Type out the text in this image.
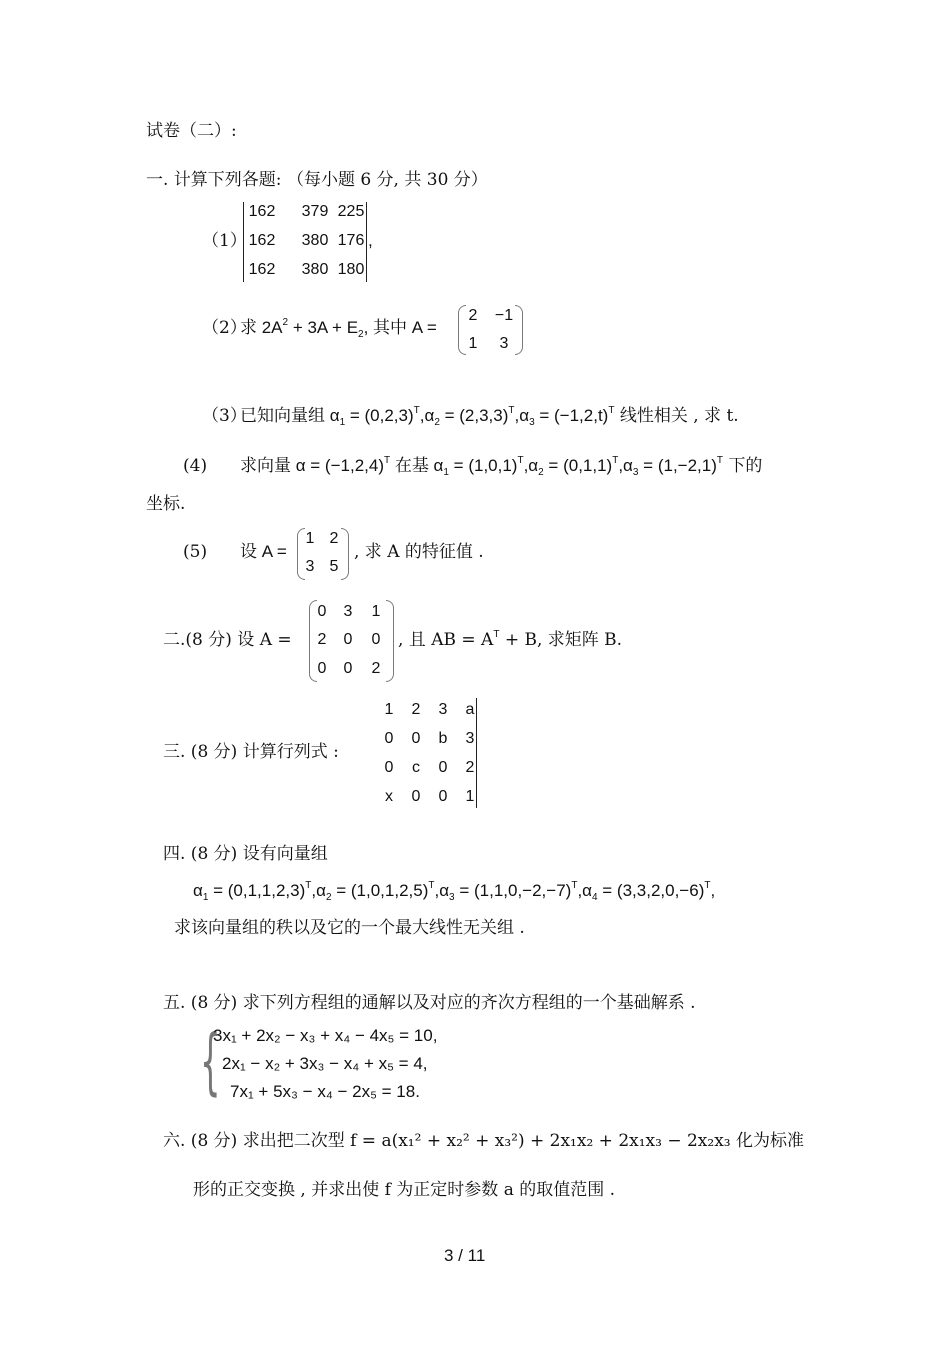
试卷（二）:
一. 计算下列各题: （每小题 6 分, 共 30 分）
（1）
162 379 225
162 380 176
162 380 180
,
（2）
求 $2A^2 + 3A + E_2$, 其中 A =
2	−1
1	3
（3）
已知向量组 $\alpha_1 = (0,2,3)^T,\alpha_2 = (2,3,3)^T,\alpha_3 = (-1,2,t)^T$ 线性相关 , 求 t.
(4) 求向量 $\alpha = (-1,2,4)^T$ 在基 $\alpha_1 = (1,0,1)^T,\alpha_2 = (0,1,1)^T,\alpha_3 = (1,-2,1)^T$ 下的
坐标.
(5) 设 A =
1 2
3 5
, 求 A 的特征值 .
二.(8 分) 设 A =
0 3 1
2 0 0
0 0 2
, 且 AB = $A^T + B$, 求矩阵 B.
三. (8 分) 计算行列式 :
1 2 3 a
0 0 b 3
0	c	0 2
x	0 0 1
四. (8 分) 设有向量组
$\alpha_1 = (0,1,1,2,3)^T,\alpha_2 = (1,0,1,2,5)^T,\alpha_3 = (1,1,0,-2,-7)^T,\alpha_4 = (3,3,2,0,-6)^T$,
求该向量组的秩以及它的一个最大线性无关组 .
五. (8 分) 求下列方程组的通解以及对应的齐次方程组的一个基础解系 .
{
3x₁ + 2x₂ − x₃ + x₄ − 4x₅ = 10,
2x₁ − x₂ + 3x₃ − x₄ + x₅ = 4,
7x₁ + 5x₃ − x₄ − 2x₅ = 18.
六. (8 分) 求出把二次型 f = a(x₁² + x₂² + x₃²) + 2x₁x₂ + 2x₁x₃ − 2x₂x₃ 化为标准
形的正交变换 , 并求出使 f 为正定时参数 a 的取值范围 .
3 / 11
